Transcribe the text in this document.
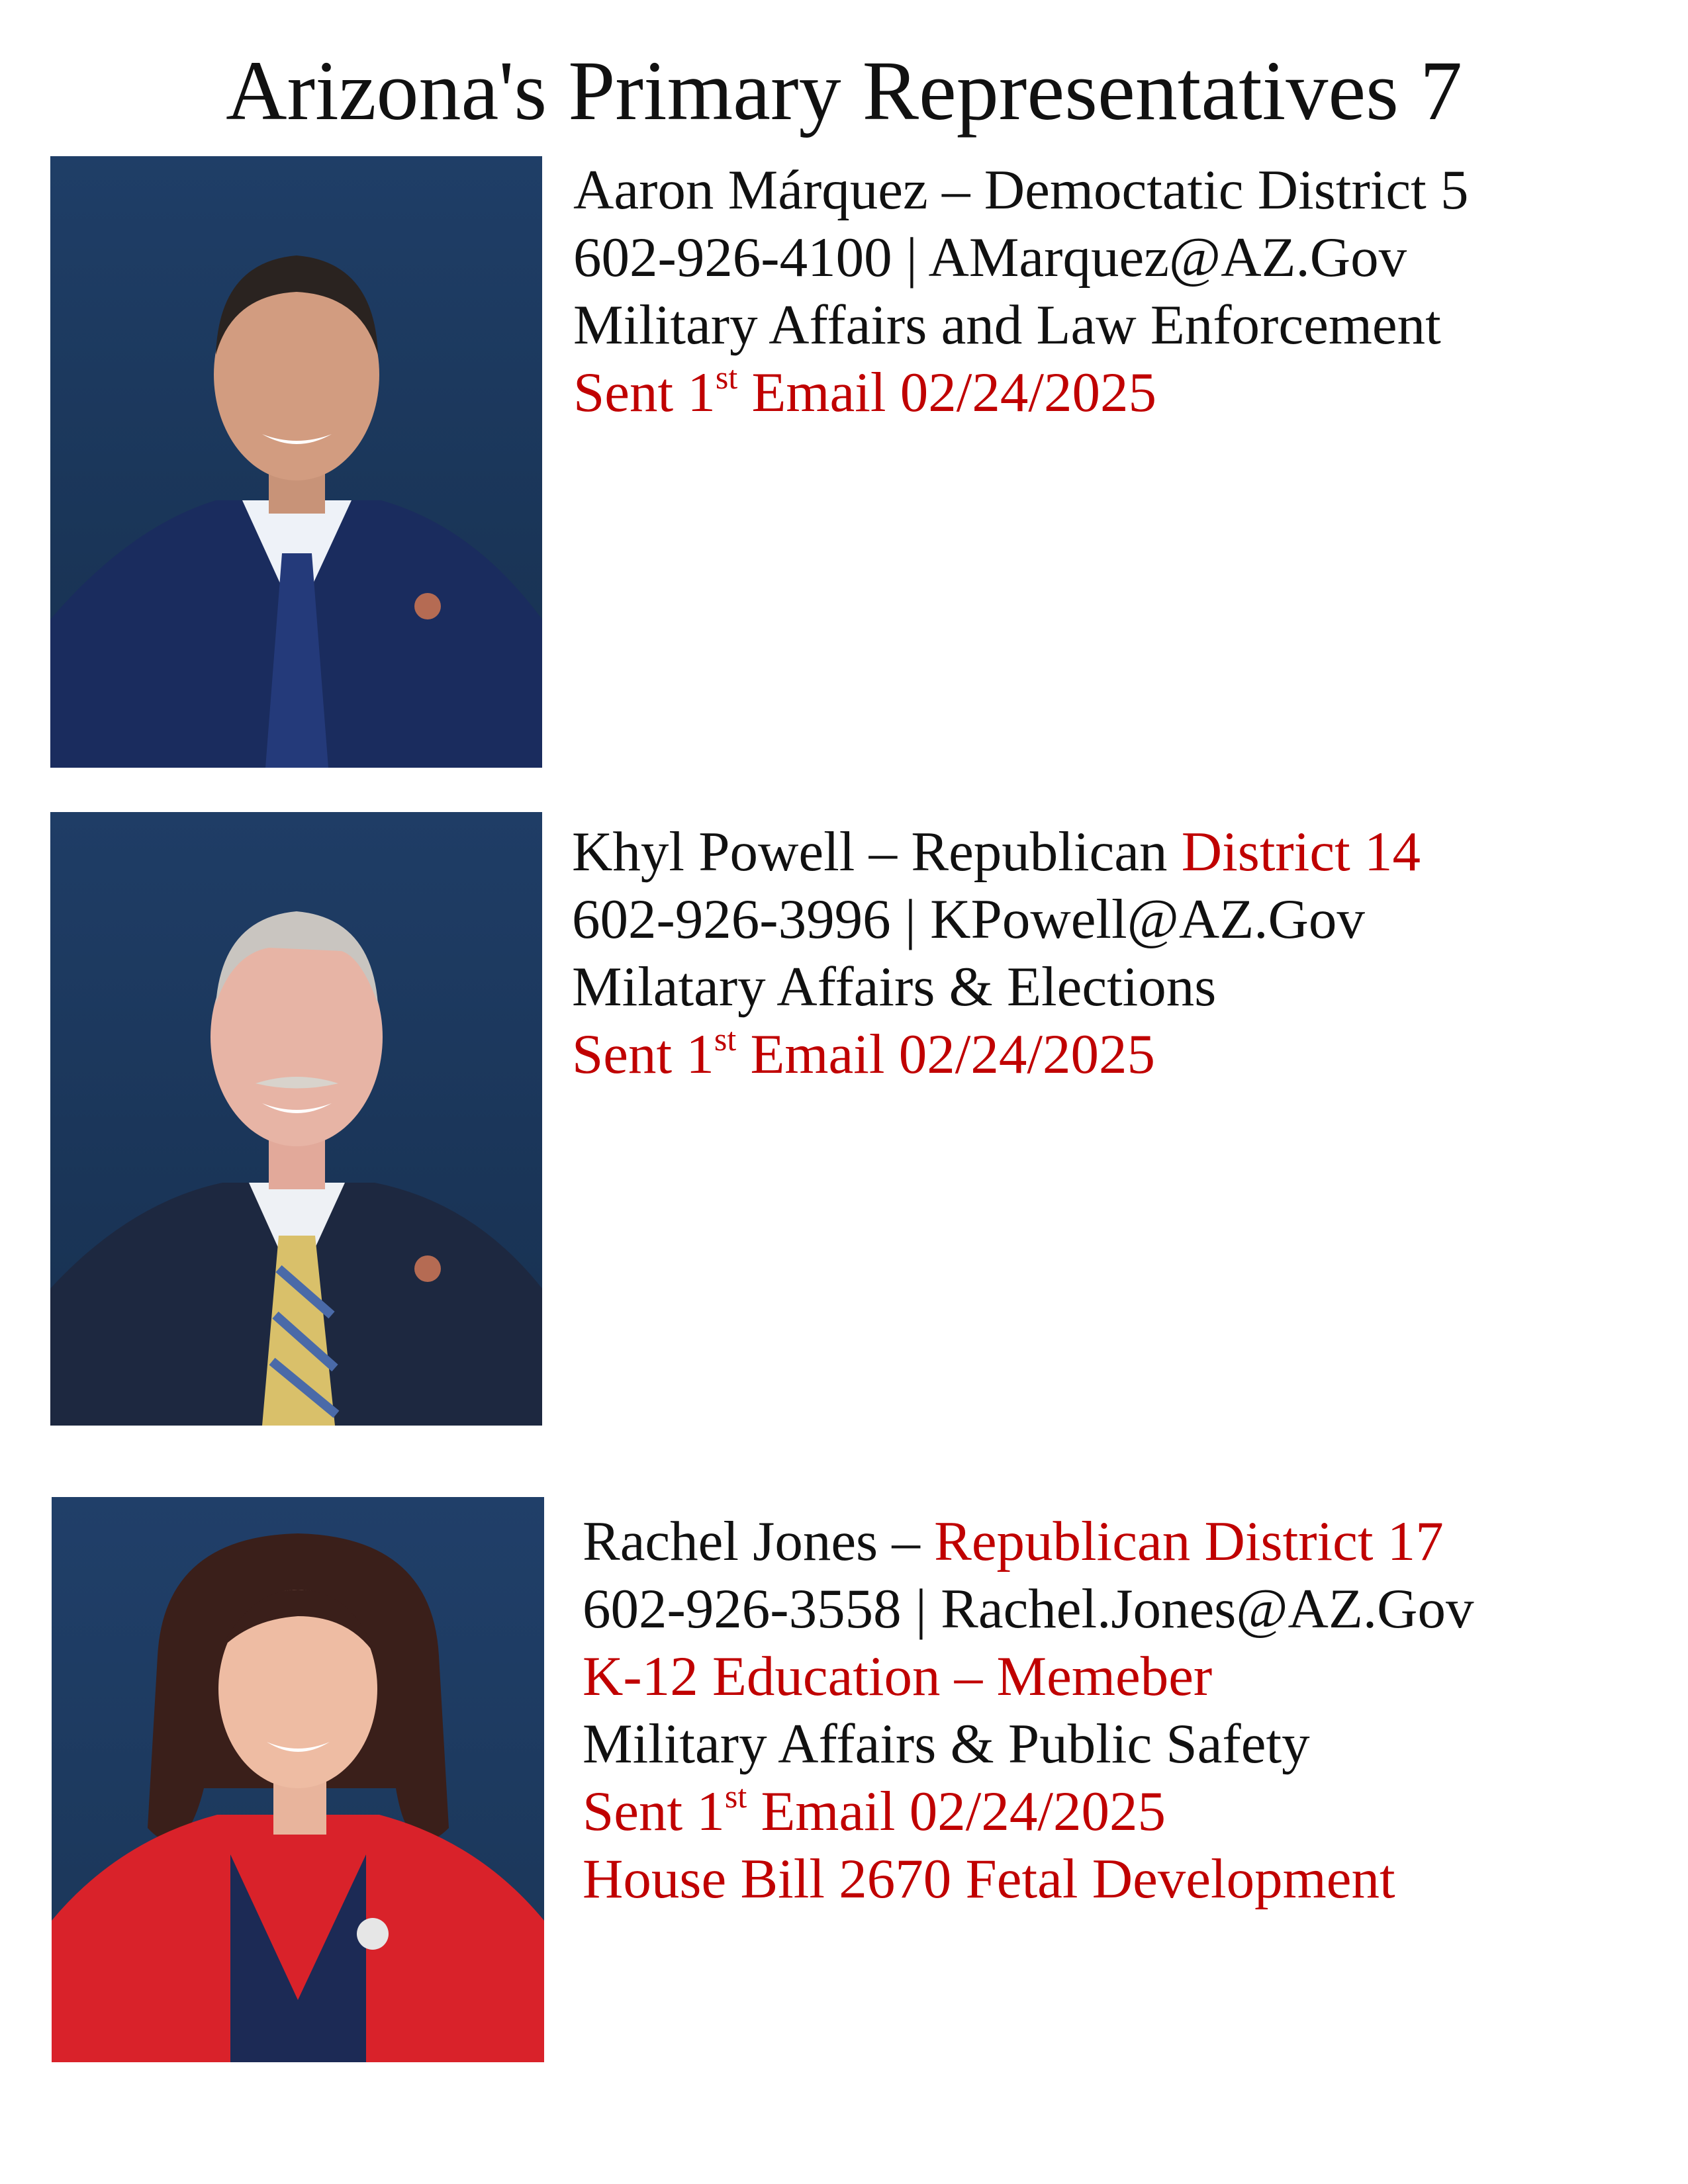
Arizona's Primary Representatives 7
Aaron Márquez – Democtatic District 5
602-926-4100 | AMarquez@AZ.Gov
Military Affairs and Law Enforcement
Sent 1st Email 02/24/2025
Khyl Powell – Republican District 14
602-926-3996 | KPowell@AZ.Gov
Milatary Affairs & Elections
Sent 1st Email 02/24/2025
Rachel Jones – Republican District 17
602-926-3558 | Rachel.Jones@AZ.Gov
K-12 Education – Memeber
Military Affairs & Public Safety
Sent 1st Email 02/24/2025
House Bill 2670 Fetal Development
